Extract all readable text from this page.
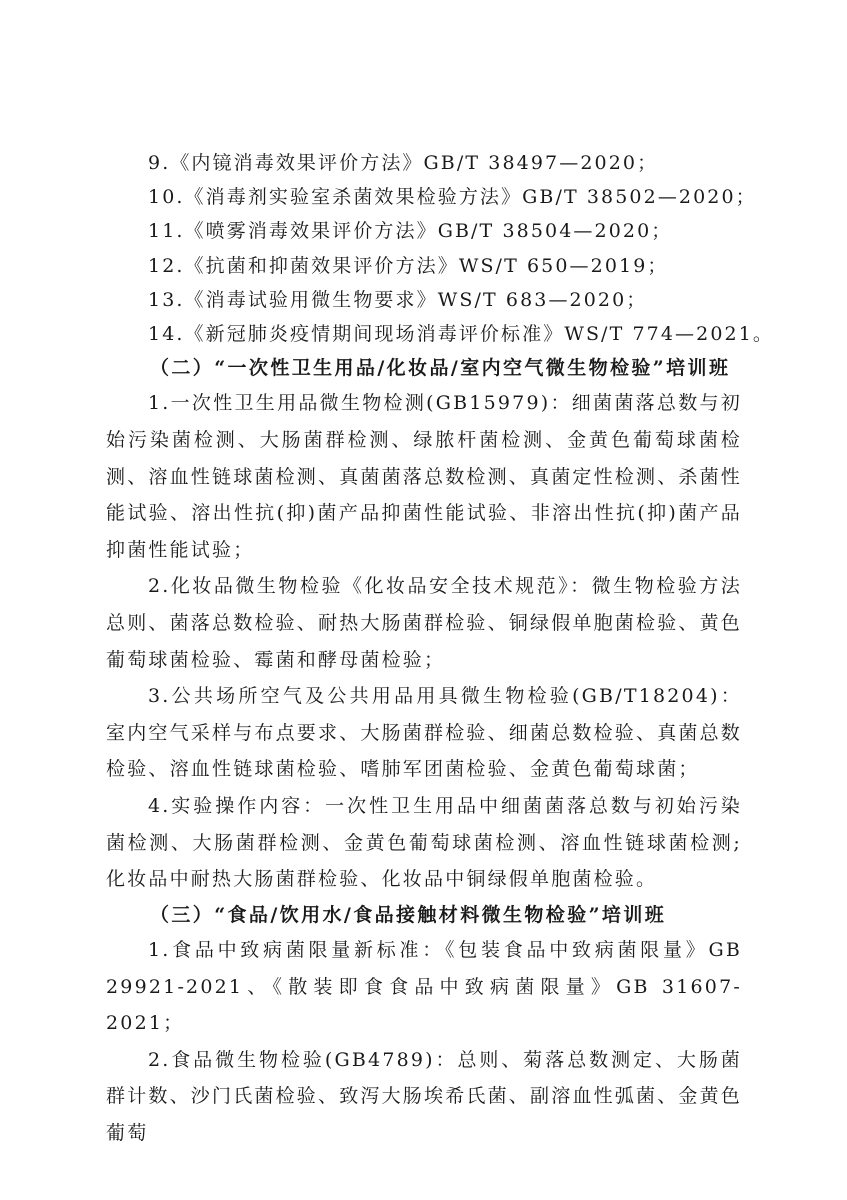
9.《内镜消毒效果评价方法》GB/T 38497—2020；
10.《消毒剂实验室杀菌效果检验方法》GB/T 38502—2020；
11.《喷雾消毒效果评价方法》GB/T 38504—2020；
12.《抗菌和抑菌效果评价方法》WS/T 650—2019；
13.《消毒试验用微生物要求》WS/T 683—2020；
14.《新冠肺炎疫情期间现场消毒评价标准》WS/T 774—2021。
（二）“一次性卫生用品/化妆品/室内空气微生物检验”培训班

1.一次性卫生用品微生物检测(GB15979)：细菌菌落总数与初始污染菌检测、大肠菌群检测、绿脓杆菌检测、金黄色葡萄球菌检测、溶血性链球菌检测、真菌菌落总数检测、真菌定性检测、杀菌性能试验、溶出性抗(抑)菌产品抑菌性能试验、非溶出性抗(抑)菌产品抑菌性能试验；

2.化妆品微生物检验《化妆品安全技术规范》：微生物检验方法总则、菌落总数检验、耐热大肠菌群检验、铜绿假单胞菌检验、黄色葡萄球菌检验、霉菌和酵母菌检验；

3.公共场所空气及公共用品用具微生物检验(GB/T18204)：室内空气采样与布点要求、大肠菌群检验、细菌总数检验、真菌总数检验、溶血性链球菌检验、嗜肺军团菌检验、金黄色葡萄球菌；

4.实验操作内容：一次性卫生用品中细菌菌落总数与初始污染菌检测、大肠菌群检测、金黄色葡萄球菌检测、溶血性链球菌检测;化妆品中耐热大肠菌群检验、化妆品中铜绿假单胞菌检验。

（三）“食品/饮用水/食品接触材料微生物检验”培训班

1.食品中致病菌限量新标准：《包装食品中致病菌限量》GB 29921-2021、《散装即食食品中致病菌限量》GB 31607-2021；

2.食品微生物检验(GB4789)：总则、菊落总数测定、大肠菌群计数、沙门氏菌检验、致泻大肠埃希氏菌、副溶血性弧菌、金黄色葡萄
